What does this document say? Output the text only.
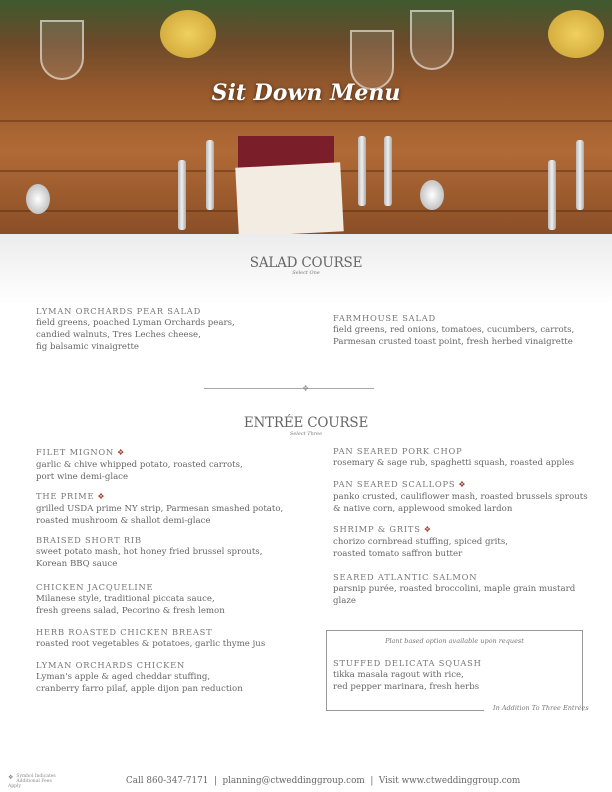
Sit Down Menu
SALAD COURSE
Select One
LYMAN ORCHARDS PEAR SALAD
field greens, poached Lyman Orchards pears,
candied walnuts, Tres Leches cheese,
fig balsamic vinaigrette
FARMHOUSE SALAD
field greens, red onions, tomatoes, cucumbers, carrots,
Parmesan crusted toast point, fresh herbed vinaigrette
❖
ENTRÉE COURSE
Select Three
FILET MIGNON ❖
garlic & chive whipped potato, roasted carrots,
port wine demi-glace
THE PRIME ❖
grilled USDA prime NY strip, Parmesan smashed potato,
roasted mushroom & shallot demi-glace
BRAISED SHORT RIB
sweet potato mash, hot honey fried brussel sprouts,
Korean BBQ sauce
CHICKEN JACQUELINE
Milanese style, traditional piccata sauce,
fresh greens salad, Pecorino & fresh lemon
HERB ROASTED CHICKEN BREAST
roasted root vegetables & potatoes, garlic thyme jus
LYMAN ORCHARDS CHICKEN
Lyman's apple & aged cheddar stuffing,
cranberry farro pilaf, apple dijon pan reduction
PAN SEARED PORK CHOP
rosemary & sage rub, spaghetti squash, roasted apples
PAN SEARED SCALLOPS ❖
panko crusted, cauliflower mash, roasted brussels sprouts
& native corn, applewood smoked lardon
SHRIMP & GRITS ❖
chorizo cornbread stuffing, spiced grits,
roasted tomato saffron butter
SEARED ATLANTIC SALMON
parsnip purée, roasted broccolini, maple grain mustard
glaze
Plant based option available upon request
STUFFED DELICATA SQUASH
tikka masala ragout with rice,
red pepper marinara, fresh herbs
In Addition To Three Entrées
❖ Symbol Indicates
Additional Fees Apply
Call 860-347-7171  |  planning@ctweddinggroup.com  |  Visit www.ctweddinggroup.com
